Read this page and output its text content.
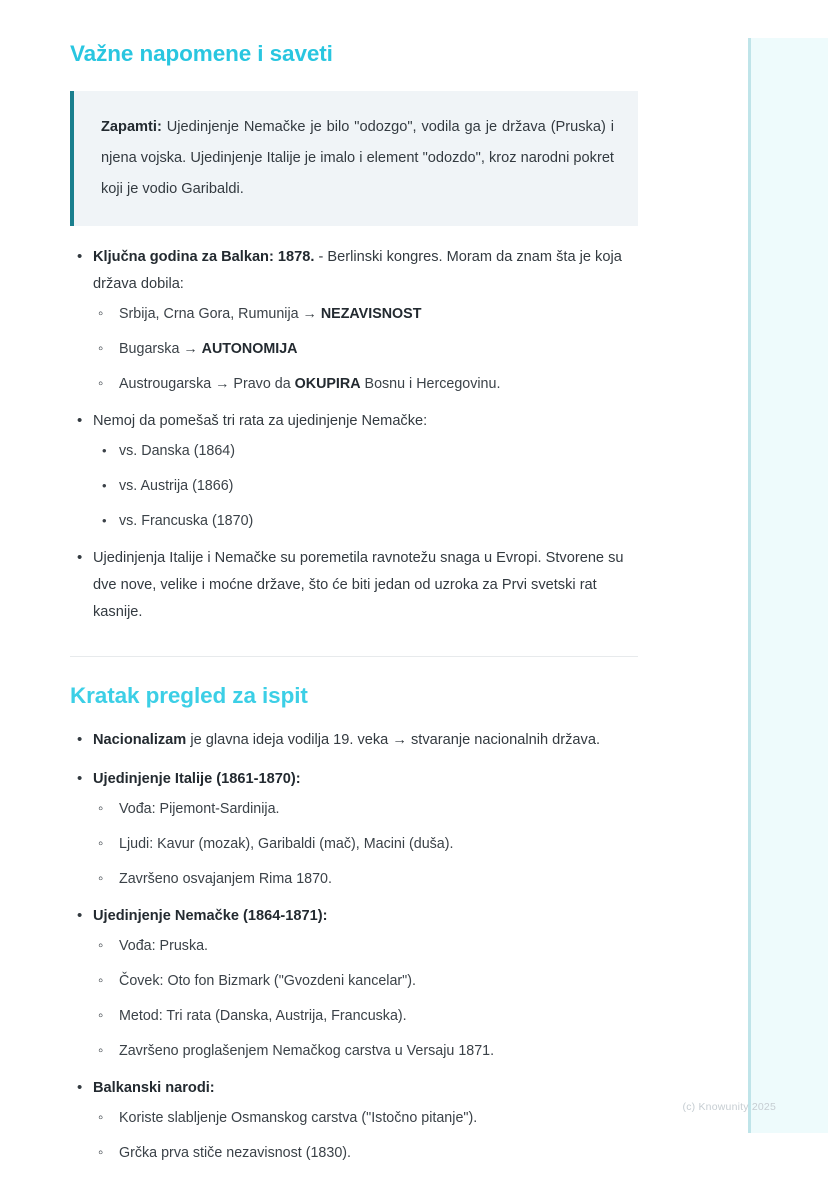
(c) Knowunity 2025
Važne napomene i saveti

Zapamti: Ujedinjenje Nemačke je bilo "odozgo", vodila ga je država (Pruska) i njena vojska. Ujedinjenje Italije je imalo i element "odozdo", kroz narodni pokret koji je vodio Garibaldi.

• Ključna godina za Balkan: 1878. - Berlinski kongres. Moram da znam šta je koja država dobila:
◦ Srbija, Crna Gora, Rumunija → NEZAVISNOST
◦ Bugarska → AUTONOMIJA
◦ Austrougarska → Pravo da OKUPIRA Bosnu i Hercegovinu.
• Nemoj da pomešaš tri rata za ujedinjenje Nemačke:
• vs. Danska (1864)
• vs. Austrija (1866)
• vs. Francuska (1870)
• Ujedinjenja Italije i Nemačke su poremetila ravnotežu snaga u Evropi. Stvorene su dve nove, velike i moćne države, što će biti jedan od uzroka za Prvi svetski rat kasnije.
Kratak pregled za ispit
• Nacionalizam je glavna ideja vodilja 19. veka → stvaranje nacionalnih država.
• Ujedinjenje Italije (1861-1870):
◦ Vođa: Pijemont-Sardinija.
◦ Ljudi: Kavur (mozak), Garibaldi (mač), Macini (duša).
◦ Završeno osvajanjem Rima 1870.
• Ujedinjenje Nemačke (1864-1871):
◦ Vođa: Pruska.
◦ Čovek: Oto fon Bizmark ("Gvozdeni kancelar").
◦ Metod: Tri rata (Danska, Austrija, Francuska).
◦ Završeno proglašenjem Nemačkog carstva u Versaju 1871.
• Balkanski narodi:
◦ Koriste slabljenje Osmanskog carstva ("Istočno pitanje").
◦ Grčka prva stiče nezavisnost (1830).
